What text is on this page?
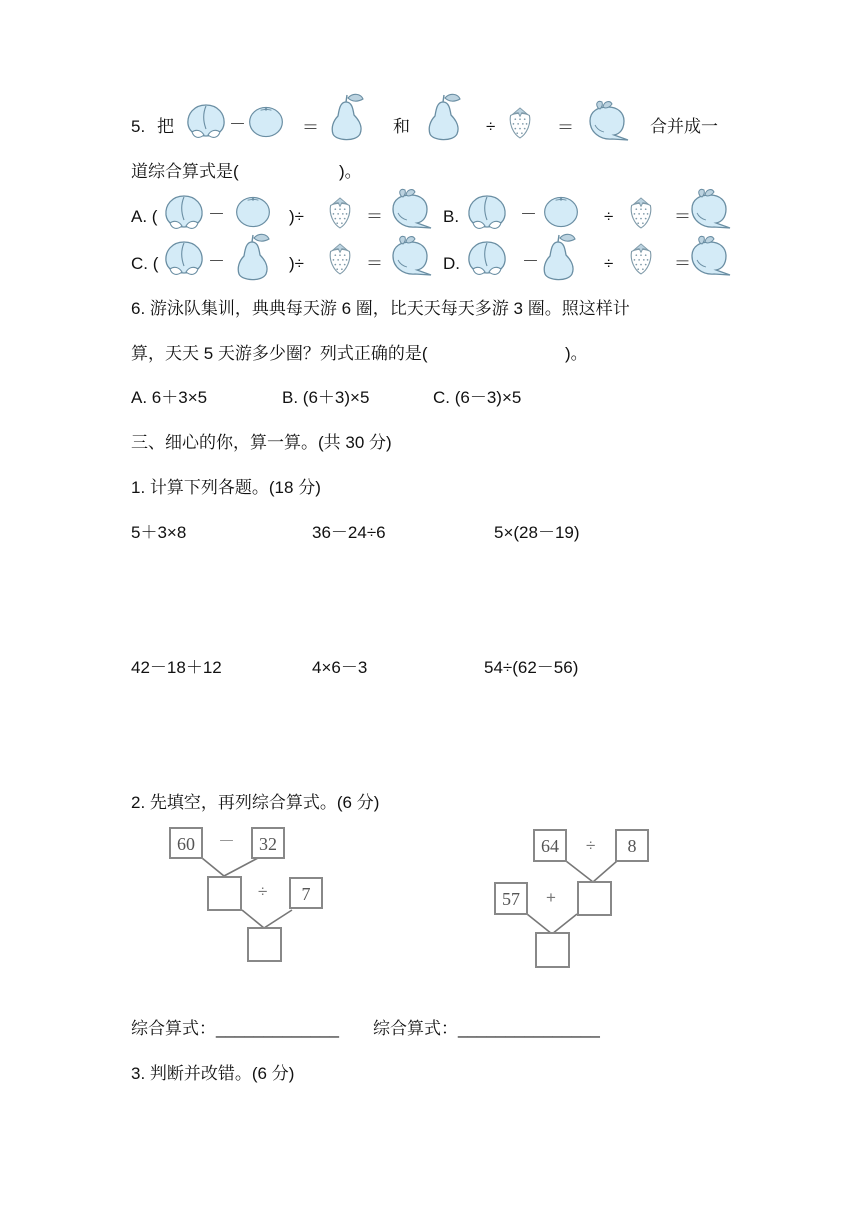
5. 把	－	＝	和	÷	＝	合并成一
道综合算式是(	)。
A. (	－	)÷	＝	B.	－	÷	＝
C. (	－	)÷	＝	D.	－	÷	＝
6. 游泳队集训，典典每天游 6 圈，比天天每天多游 3 圈。照这样计
算，天天 5 天游多少圈？列式正确的是(	)。
A. 6＋3×5	B. (6＋3)×5	C. (6－3)×5
三、细心的你，算一算。(共 30 分)
1. 计算下列各题。(18 分)
5＋3×8	36－24÷6	5×(28－19)
42－18＋12	4×6－3	54÷(62－56)
2. 先填空，再列综合算式。(6 分)
60	－	32
÷	7
64	÷	8
57	+
综合算式：_____________ 综合算式：_______________
3. 判断并改错。(6 分)
